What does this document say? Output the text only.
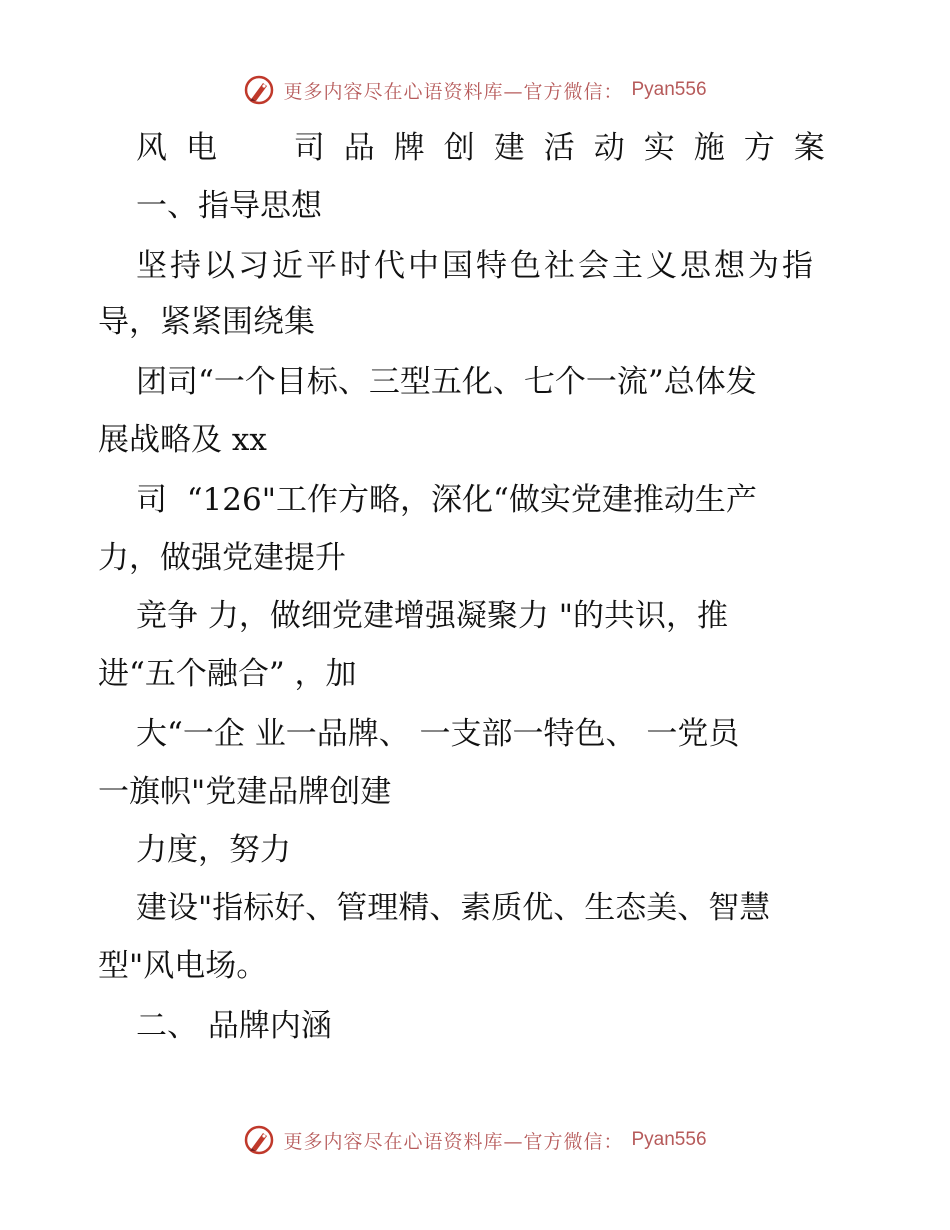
更多内容尽在心语资料库—官方微信： Pyan556
风电  司品牌创建活动实施方案
一、指导思想
坚持以习近平时代中国特色社会主义思想为指
导，紧紧围绕集
团司“一个目标、三型五化、七个一流”总体发
展战略及 xx
司  “126"工作方略，深化“做实党建推动生产
力，做强党建提升
竞争 力，做细党建增强凝聚力 "的共识，推
进“五个融合” ，加
大“一企 业一品牌、 一支部一特色、 一党员
一旗帜"党建品牌创建
力度，努力
建设"指标好、管理精、素质优、生态美、智慧
型"风电场。
二、 品牌内涵
更多内容尽在心语资料库—官方微信： Pyan556
